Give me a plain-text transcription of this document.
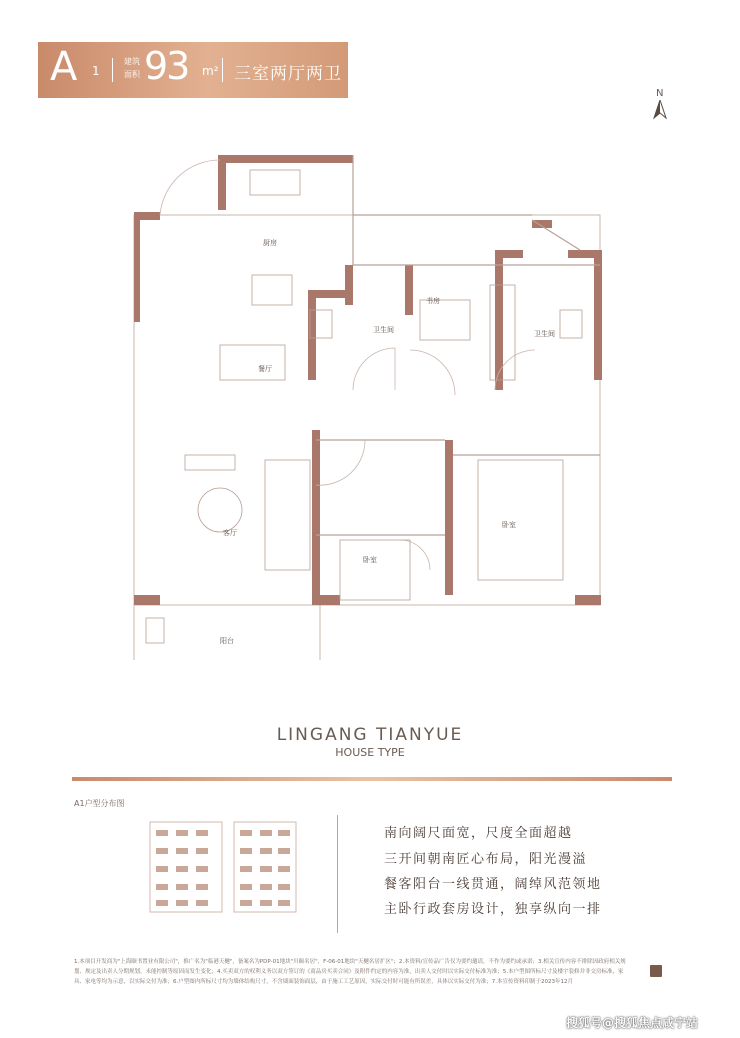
A 1
建筑
面积 93 m² 三室两厅两卫
N
厨房
餐厅
客厅
阳台
书房
卫生间	卫生间
卧室
卧室
LINGANG TIANYUE
HOUSE TYPE
A1户型分布图
南向阔尺面宽，尺度全面超越
三开间朝南匠心布局，阳光漫溢
餐客阳台一线贯通，阔绰风范领地
主卧行政套房设计，独享纵向一排
1.本项目开发商为"上海颐书置业有限公司"，推广名为"临港天樾"，备案名为PDP-01地块"川颐名居"，F-06-01地块"天樾名居扩区"；2.本资料/宣传品广告仅为要约邀请，不作为要约或承诺；3.相关宣传内容不排除因政府相关规划、规定及出卖人分期规划、未能控制等原因而发生变化；4.买卖双方的权利义务以双方签订的《商品房买卖合同》及附件约定的内容为准，出卖人交付时以实际交付标准为准；5.本户型图所标尺寸及楼宇装修并非交房标准，家具、家电等均为示意，以实际交付为准；6.户型图内所标尺寸均为墙体结构尺寸，不含墙面装饰面层，由于施工工艺原因，实际交付时可能有所误差，具体以实际交付为准；7.本宣传资料印制于2023年12月
搜狐号@搜狐焦点咸宁站
